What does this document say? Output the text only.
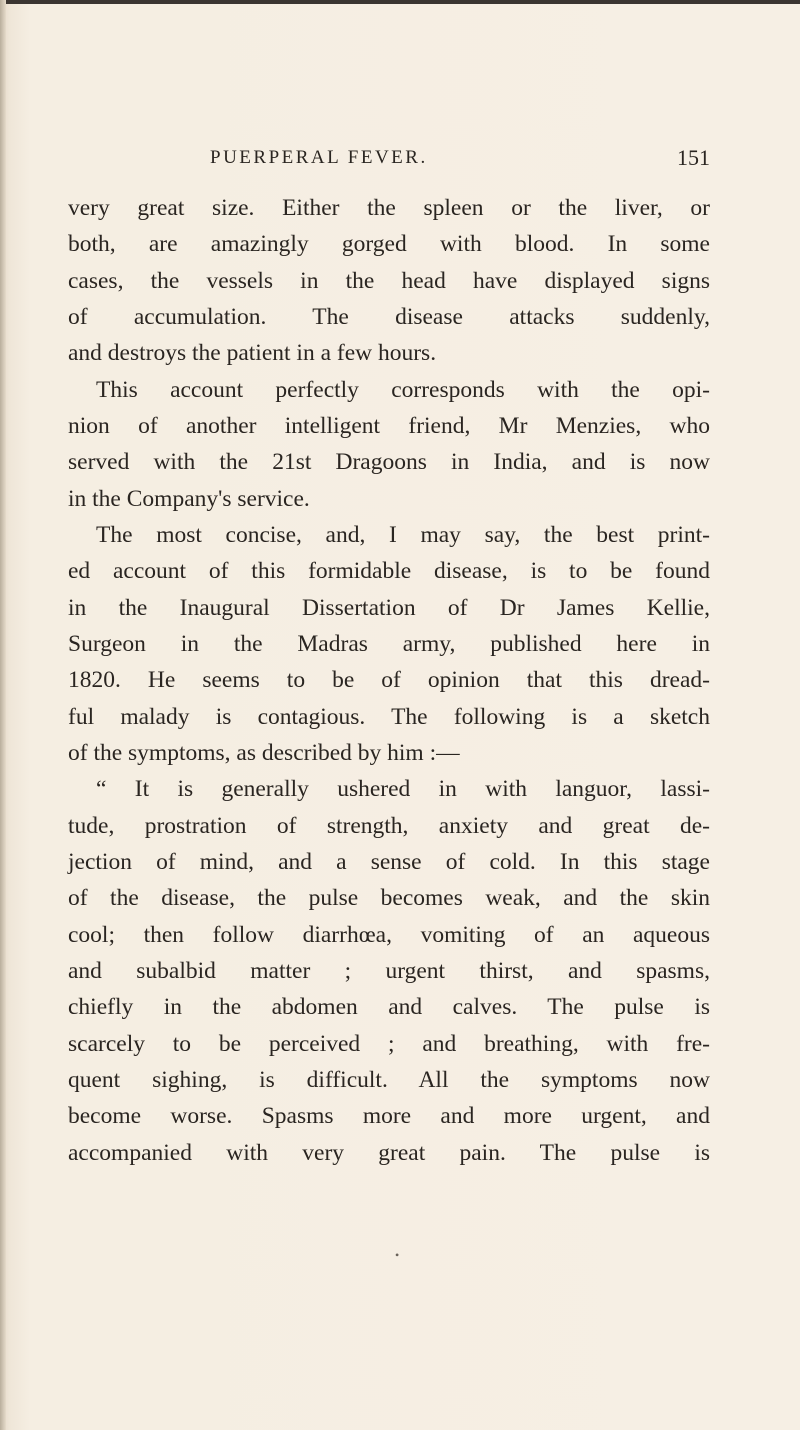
PUERPERAL FEVER.	151
very great size. Either the spleen or the liver, or
both, are amazingly gorged with blood. In some
cases, the vessels in the head have displayed signs
of accumulation. The disease attacks suddenly,
and destroys the patient in a few hours.
This account perfectly corresponds with the opi-
nion of another intelligent friend, Mr Menzies, who
served with the 21st Dragoons in India, and is now
in the Company's service.
The most concise, and, I may say, the best print-
ed account of this formidable disease, is to be found
in the Inaugural Dissertation of Dr James Kellie,
Surgeon in the Madras army, published here in
1820. He seems to be of opinion that this dread-
ful malady is contagious. The following is a sketch
of the symptoms, as described by him :—
“ It is generally ushered in with languor, lassi-
tude, prostration of strength, anxiety and great de-
jection of mind, and a sense of cold. In this stage
of the disease, the pulse becomes weak, and the skin
cool; then follow diarrhœa, vomiting of an aqueous
and subalbid matter ; urgent thirst, and spasms,
chiefly in the abdomen and calves. The pulse is
scarcely to be perceived ; and breathing, with fre-
quent sighing, is difficult. All the symptoms now
become worse. Spasms more and more urgent, and
accompanied with very great pain. The pulse is
•
